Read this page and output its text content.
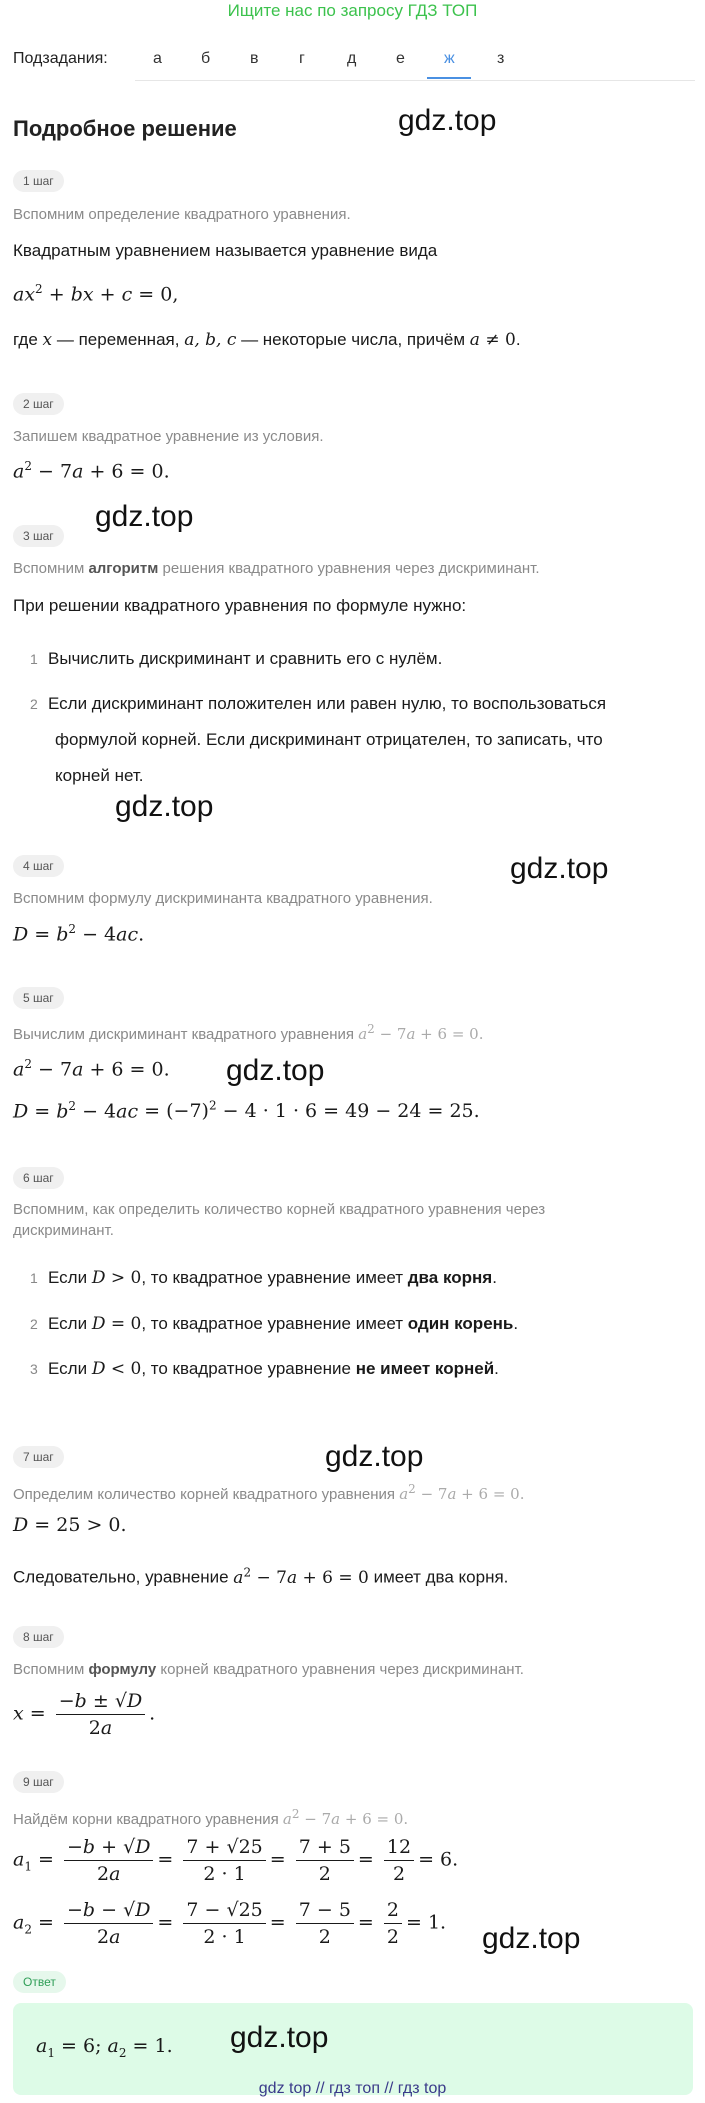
Ищите нас по запросу ГДЗ ТОП
Подзадания:	а б в	г	д е ж	з
Подробное решение	gdz.top
gdz.top
gdz.top
gdz.top
gdz.top
gdz.top
gdz.top
1 шаг
Вспомним определение квадратного уравнения.
Квадратным уравнением называется уравнение вида
$ax^2$ + bx + c = 0,
где x — переменная, a, b, c — некоторые числа, причём a ≠ 0.
2 шаг
Запишем квадратное уравнение из условия.
$a^2 - 7a + 6 = 0$.
3 шаг
Вспомним алгоритм решения квадратного уравнения через дискриминант.
При решении квадратного уравнения по формуле нужно:
1 Вычислить дискриминант и сравнить его с нулём.
2 Если дискриминант положителен или равен нулю, то воспользоваться
формулой корней. Если дискриминант отрицателен, то записать, что
корней нет.
4 шаг
Вспомним формулу дискриминанта квадратного уравнения.
$D = b^2 - 4ac$.
5 шаг
Вычислим дискриминант квадратного уравнения $a^2 - 7a + 6 = 0$.
$a^2 - 7a + 6 = 0$.
$D = b^2 - 4ac = (-7)^2 - 4 \cdot 1 \cdot 6 = 49 - 24 = 25$.
6 шаг
Вспомним, как определить количество корней квадратного уравнения через
дискриминант.
1 Если D > 0, то квадратное уравнение имеет два корня.
2 Если D = 0, то квадратное уравнение имеет один корень.
3 Если D < 0, то квадратное уравнение не имеет корней.
7 шаг
Определим количество корней квадратного уравнения $a^2 - 7a + 6 = 0$.
D = 25 > 0.
Следовательно, уравнение $a^2 - 7a + 6 = 0$ имеет два корня.
8 шаг
Вспомним формулу корней квадратного уравнения через дискриминант.
$x = \frac{-b \pm √D}{2a}$ .
9 шаг
Найдём корни квадратного уравнения $a^2 - 7a + 6 = 0$.
$a_1 = \frac{-b + √D}{2a} = \frac{7 + √25}{2 \cdot 1} = \frac{7 + 5}{2} = \frac{12}{2} = 6$.
$a_2 = \frac{-b - √D}{2a} = \frac{7 - √25}{2 \cdot 1} = \frac{7 - 5}{2} = \frac{2}{2} = 1$.
Ответ
$a_1 = 6$; $a_2 = 1$. gdz.top
gdz top // гдз топ // гдз top
